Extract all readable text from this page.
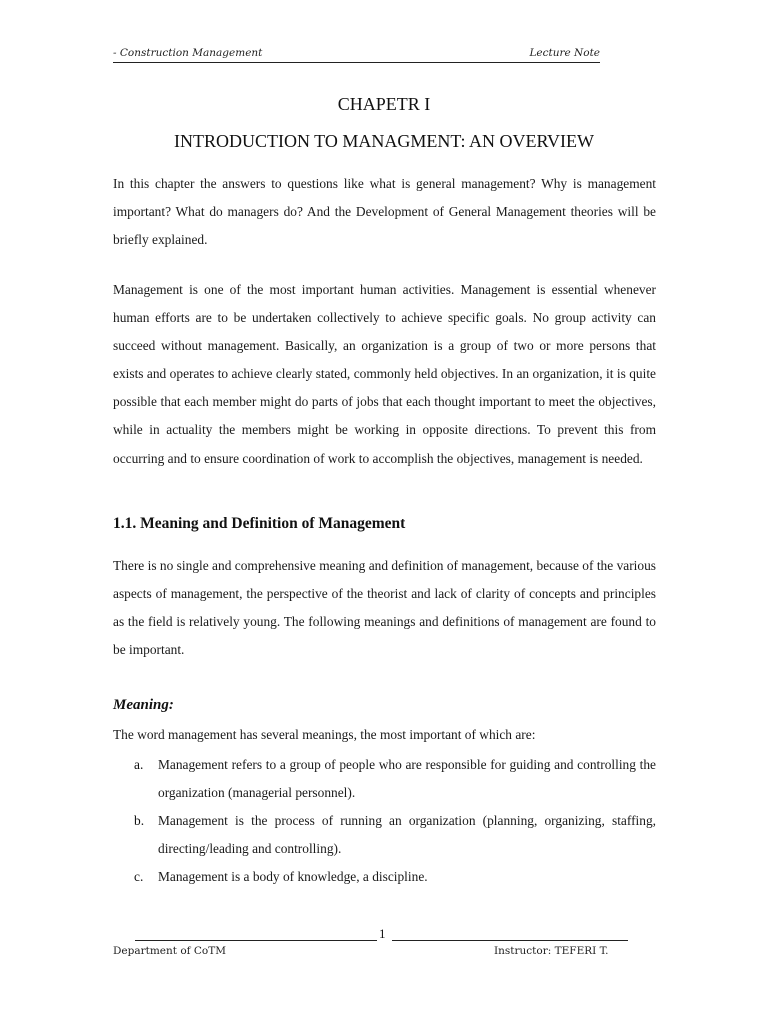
- Construction Management	Lecture Note
CHAPETR I
INTRODUCTION TO MANAGMENT: AN OVERVIEW

In this chapter the answers to questions like what is general management? Why is management important? What do managers do? And the Development of General Management theories will be briefly explained.

Management is one of the most important human activities. Management is essential whenever human efforts are to be undertaken collectively to achieve specific goals. No group activity can succeed without management. Basically, an organization is a group of two or more persons that exists and operates to achieve clearly stated, commonly held objectives. In an organization, it is quite possible that each member might do parts of jobs that each thought important to meet the objectives, while in actuality the members might be working in opposite directions. To prevent this from occurring and to ensure coordination of work to accomplish the objectives, management is needed.

1.1. Meaning and Definition of Management

There is no single and comprehensive meaning and definition of management, because of the various aspects of management, the perspective of the theorist and lack of clarity of concepts and principles as the field is relatively young. The following meanings and definitions of management are found to be important.

Meaning:

The word management has several meanings, the most important of which are:

a. Management refers to a group of people who are responsible for guiding and controlling the organization (managerial personnel).

b. Management is the process of running an organization (planning, organizing, staffing, directing/leading and controlling).

c. Management is a body of knowledge, a discipline.

1
Department of CoTM	Instructor: TEFERI T.
